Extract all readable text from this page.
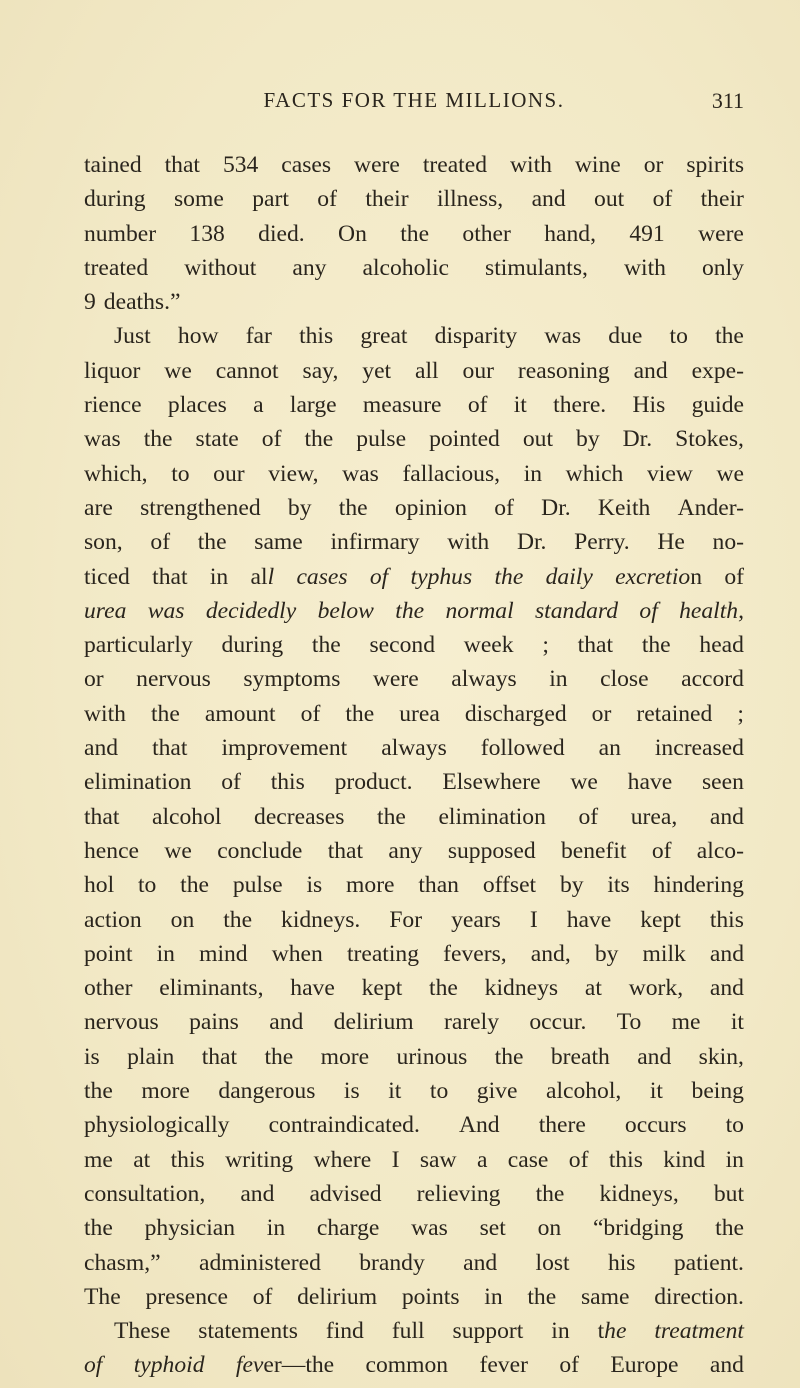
FACTS FOR THE MILLIONS.	311
tained that 534 cases were treated with wine or spirits
during some part of their illness, and out of their
number 138 died. On the other hand, 491 were
treated without any alcoholic stimulants, with only
9 deaths.”
Just how far this great disparity was due to the
liquor we cannot say, yet all our reasoning and expe-
rience places a large measure of it there. His guide
was the state of the pulse pointed out by Dr. Stokes,
which, to our view, was fallacious, in which view we
are strengthened by the opinion of Dr. Keith Ander-
son, of the same infirmary with Dr. Perry. He no-
ticed that in all cases of typhus the daily excretion of
urea was decidedly below the normal standard of health,
particularly during the second week ; that the head
or nervous symptoms were always in close accord
with the amount of the urea discharged or retained ;
and that improvement always followed an increased
elimination of this product. Elsewhere we have seen
that alcohol decreases the elimination of urea, and
hence we conclude that any supposed benefit of alco-
hol to the pulse is more than offset by its hindering
action on the kidneys. For years I have kept this
point in mind when treating fevers, and, by milk and
other eliminants, have kept the kidneys at work, and
nervous pains and delirium rarely occur. To me it
is plain that the more urinous the breath and skin,
the more dangerous is it to give alcohol, it being
physiologically contraindicated. And there occurs to
me at this writing where I saw a case of this kind in
consultation, and advised relieving the kidneys, but
the physician in charge was set on “bridging the
chasm,” administered brandy and lost his patient.
The presence of delirium points in the same direction.
These statements find full support in the treatment
of typhoid fever—the common fever of Europe and
